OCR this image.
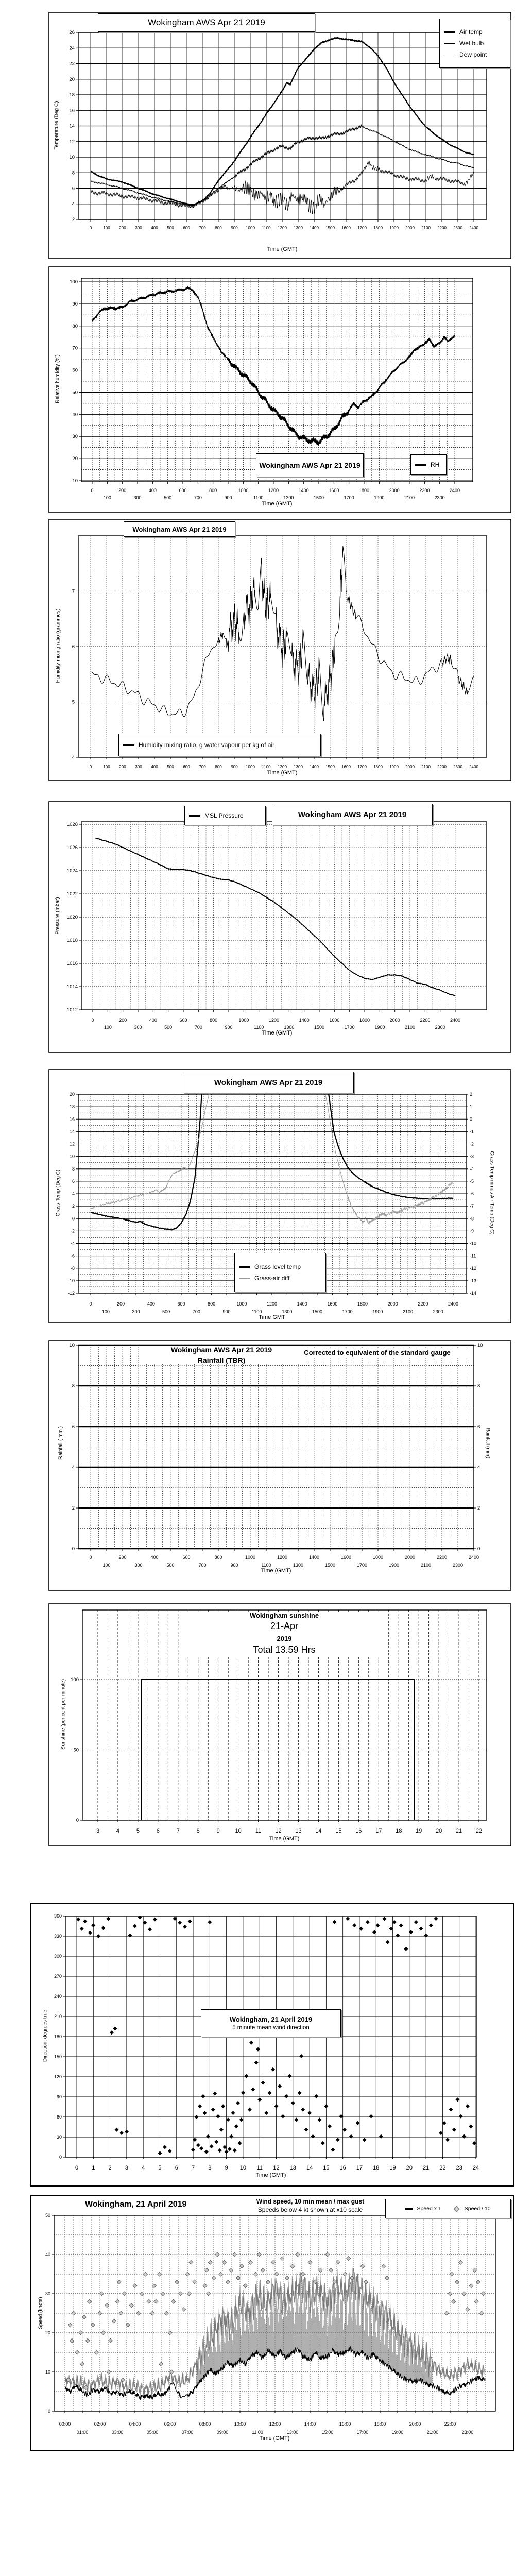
2
4
6
8
10
12
14
16
18
20
22
24
26
0	100 200 300 400 500 600 700 800 900 1000 1100 1200 1300 1400 1500 1600 1700 1800 1900 2000 2100 2200 2300 2400
100
90
80
70
60
50
40
30
20
10
0
100
200
300
400
500
600
700
800
900
1000
1100
1200
1300
1400
1500
1600
1700
1800
1900
2000
2100
2200
2300
2400
4
5
6
7
0	100 200 300 400 500 600 700 800 900 1000 1100 1200 1300 1400 1500 1600 1700 1800 1900 2000 2100 2200 2300 2400
1028
1026
1024
1022
1020
1018
1016
1014
1012
0
100
200
300
400
500
600
700
800
900
1000
1100
1200
1300
1400
1500
1600
1700
1800
1900
2000
2100
2200
2300
2400
20
18
16
14
12
10
8
6
4
2
0
-2
-4
-6
-8
-10
-12
2
1
0
-1
-2
-3
-4
-5
-6
-7
-8
-9
-10
-11
-12
-13
-14
0
100
200
300
400
500
600
700
800
900
1000
1100
1200
1300
1400
1500
1600
1700
1800
1900
2000
2100
2200
2300
2400
10
8
6
4
2
0
10
8
6
4
2
0
0
100
200
300
400
500
600
700
800
900
1000
1100
1200
1300
1400
1500
1600
1700
1800
1900
2000
2100
2200
2300
2400
100
50
0
3	4	5	6	7	8	9	10 11 12 13 14 15 16 17 18 19 20 21 22
0
30
60
90
120
150
180
210
240
270
300
330
360
0 1 2 3 4 5 6 7 8 9 10 11 12 13 14 15 16 17 18 19 20 21 22 23 24
50
40
30
20
10
0
00:00
01:00
02:00
03:00
04:00
05:00
06:00
07:00
08:00
09:00
10:00
11:00
12:00
13:00
14:00
15:00
16:00
17:00
18:00
19:00
20:00
21:00
22:00
23:00
Wokingham AWS Apr 21 2019
Air temp
Wet bulb
Dew point
Temperature (Deg C)
Time (GMT)
Wokingham AWS Apr 21 2019	RH
Relative humidity (%)
Time (GMT)
Wokingham AWS Apr 21 2019
Humidity mixing ratio, g water vapour per kg of air
Humidity mixing ratio (grammes)
Time (GMT)
MSL Pressure	Wokingham AWS Apr 21 2019
Pressure (mbar)
Time (GMT)
Wokingham AWS Apr 21 2019
Grass level temp
Grass-air diff
Grass Temp (Deg C)	Grass Temp minus Air Temp (Deg C)
Time GMT
Wokingham AWS Apr 21 2019
Rainfall (TBR)
Corrected to equivalent of the standard gauge
Rainfall ( mm )	Rainfall (mm)
Time (GMT)
Wokingham sunshine
21-Apr
2019
Total 13.59 Hrs
Sunshine (per cent per minute)
Time (GMT)
Wokingham, 21 April 2019
5 minute mean wind direction
Direction, degrees true
Time (GMT)
Wokingham, 21 April 2019	Wind speed, 10 min mean / max gust
Speeds below 4 kt shown at x10 scale	Speed x 1	Speed / 10
Speed (knots)
Time (GMT)
